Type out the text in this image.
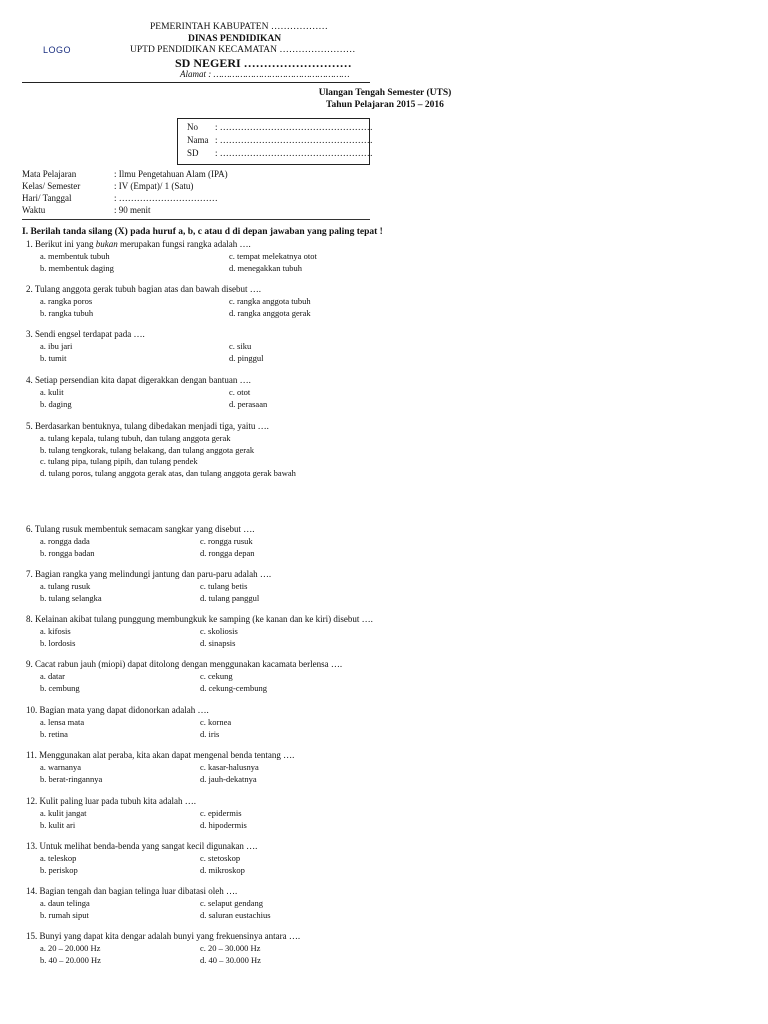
LOGO
PEMERINTAH KABUPATEN ………………
DINAS PENDIDIKAN
UPTD PENDIDIKAN KECAMATAN ……………………
SD NEGERI ………………………
Alamat : ……………………………………………
Ulangan Tengah Semester (UTS)
Tahun Pelajaran 2015 – 2016
No : ……………………………………………
Nama : ……………………………………………
SD : ……………………………………………
Mata Pelajaran	: Ilmu Pengetahuan Alam (IPA)
Kelas/ Semester	: IV (Empat)/ 1 (Satu)
Hari/ Tanggal	: ……………………………
Waktu	: 90 menit
I. Berilah tanda silang (X) pada huruf a, b, c atau d di depan jawaban yang paling tepat !
1. Berikut ini yang bukan merupakan fungsi rangka adalah ….
a. membentuk tubuh
b. membentuk daging
c. tempat melekatnya otot
d. menegakkan tubuh
2. Tulang anggota gerak tubuh bagian atas dan bawah disebut ….
a. rangka poros
b. rangka tubuh
c. rangka anggota tubuh
d. rangka anggota gerak
3. Sendi engsel terdapat pada ….
a. ibu jari
b. tumit
c. siku
d. pinggul
4. Setiap persendian kita dapat digerakkan dengan bantuan ….
a. kulit
b. daging
c. otot
d. perasaan
5. Berdasarkan bentuknya, tulang dibedakan menjadi tiga, yaitu ….
a. tulang kepala, tulang tubuh, dan tulang anggota gerak
b. tulang tengkorak, tulang belakang, dan tulang anggota gerak
c. tulang pipa, tulang pipih, dan tulang pendek
d. tulang poros, tulang anggota gerak atas, dan tulang anggota gerak bawah
6. Tulang rusuk membentuk semacam sangkar yang disebut ….
a. rongga dada
b. rongga badan
c. rongga rusuk
d. rongga depan
7. Bagian rangka yang melindungi jantung dan paru-paru adalah ….
a. tulang rusuk
b. tulang selangka
c. tulang betis
d. tulang panggul
8. Kelainan akibat tulang punggung membungkuk ke samping (ke kanan dan ke kiri) disebut ….
a. kifosis
b. lordosis
c. skoliosis
d. sinapsis
9. Cacat rabun jauh (miopi) dapat ditolong dengan menggunakan kacamata berlensa ….
a. datar
b. cembung
c. cekung
d. cekung-cembung
10. Bagian mata yang dapat didonorkan adalah ….
a. lensa mata
b. retina
c. kornea
d. iris
11. Menggunakan alat peraba, kita akan dapat mengenal benda tentang ….
a. warnanya
b. berat-ringannya
c. kasar-halusnya
d. jauh-dekatnya
12. Kulit paling luar pada tubuh kita adalah ….
a. kulit jangat
b. kulit ari
c. epidermis
d. hipodermis
13. Untuk melihat benda-benda yang sangat kecil digunakan ….
a. teleskop
b. periskop
c. stetoskop
d. mikroskop
14. Bagian tengah dan bagian telinga luar dibatasi oleh ….
a. daun telinga
b. rumah siput
c. selaput gendang
d. saluran eustachius
15. Bunyi yang dapat kita dengar adalah bunyi yang frekuensinya antara ….
a. 20 – 20.000 Hz
b. 40 – 20.000 Hz
c. 20 – 30.000 Hz
d. 40 – 30.000 Hz
